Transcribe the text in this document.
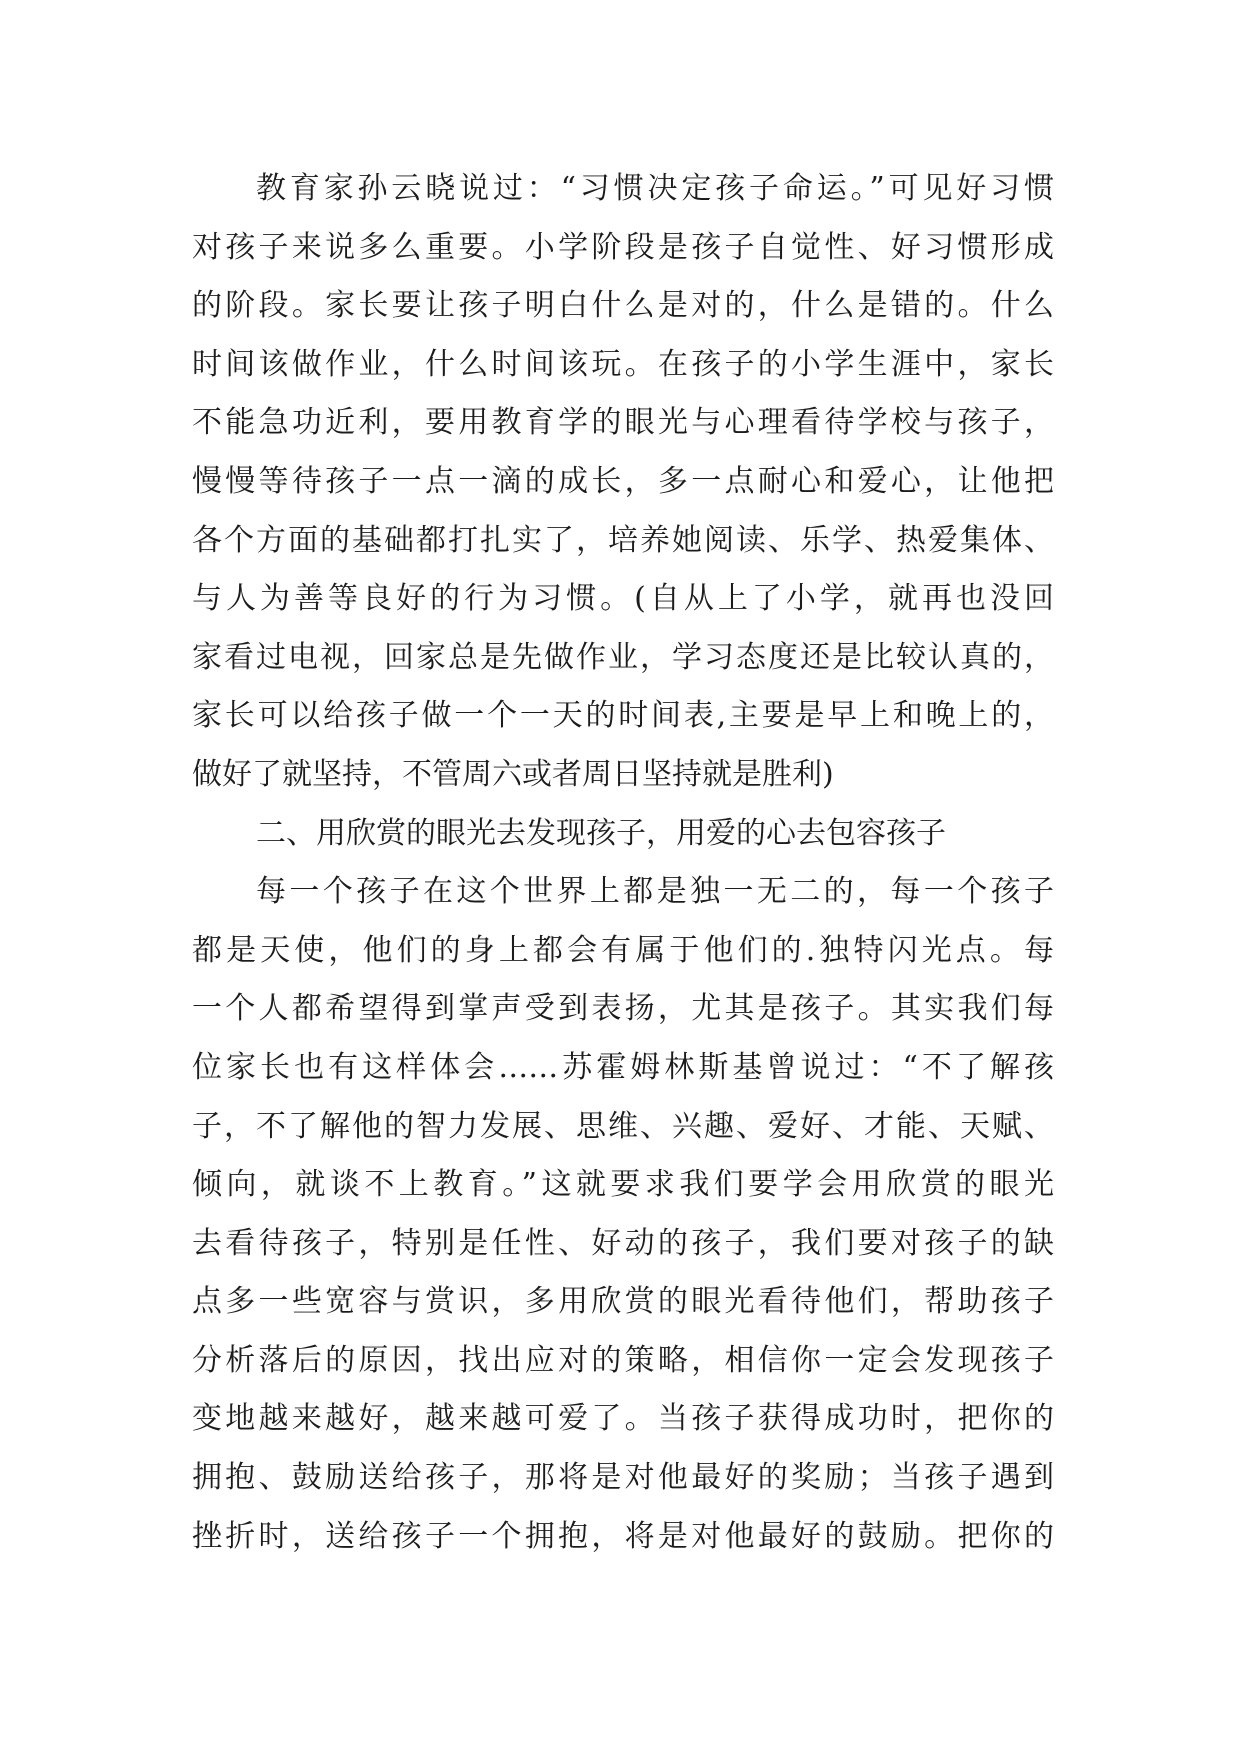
教育家孙云晓说过：“习惯决定孩子命运。”可见好习惯
对孩子来说多么重要。小学阶段是孩子自觉性、好习惯形成
的阶段。家长要让孩子明白什么是对的，什么是错的。什么
时间该做作业，什么时间该玩。在孩子的小学生涯中，家长
不能急功近利，要用教育学的眼光与心理看待学校与孩子，
慢慢等待孩子一点一滴的成长，多一点耐心和爱心，让他把
各个方面的基础都打扎实了，培养她阅读、乐学、热爱集体、
与人为善等良好的行为习惯。(自从上了小学，就再也没回
家看过电视，回家总是先做作业，学习态度还是比较认真的，
家长可以给孩子做一个一天的时间表,主要是早上和晚上的，
做好了就坚持，不管周六或者周日坚持就是胜利)
二、用欣赏的眼光去发现孩子，用爱的心去包容孩子
每一个孩子在这个世界上都是独一无二的，每一个孩子
都是天使，他们的身上都会有属于他们的.独特闪光点。每
一个人都希望得到掌声受到表扬，尤其是孩子。其实我们每
位家长也有这样体会……苏霍姆林斯基曾说过：“不了解孩
子，不了解他的智力发展、思维、兴趣、爱好、才能、天赋、
倾向，就谈不上教育。”这就要求我们要学会用欣赏的眼光
去看待孩子，特别是任性、好动的孩子，我们要对孩子的缺
点多一些宽容与赏识，多用欣赏的眼光看待他们，帮助孩子
分析落后的原因，找出应对的策略，相信你一定会发现孩子
变地越来越好，越来越可爱了。当孩子获得成功时，把你的
拥抱、鼓励送给孩子，那将是对他最好的奖励；当孩子遇到
挫折时，送给孩子一个拥抱，将是对他最好的鼓励。把你的
